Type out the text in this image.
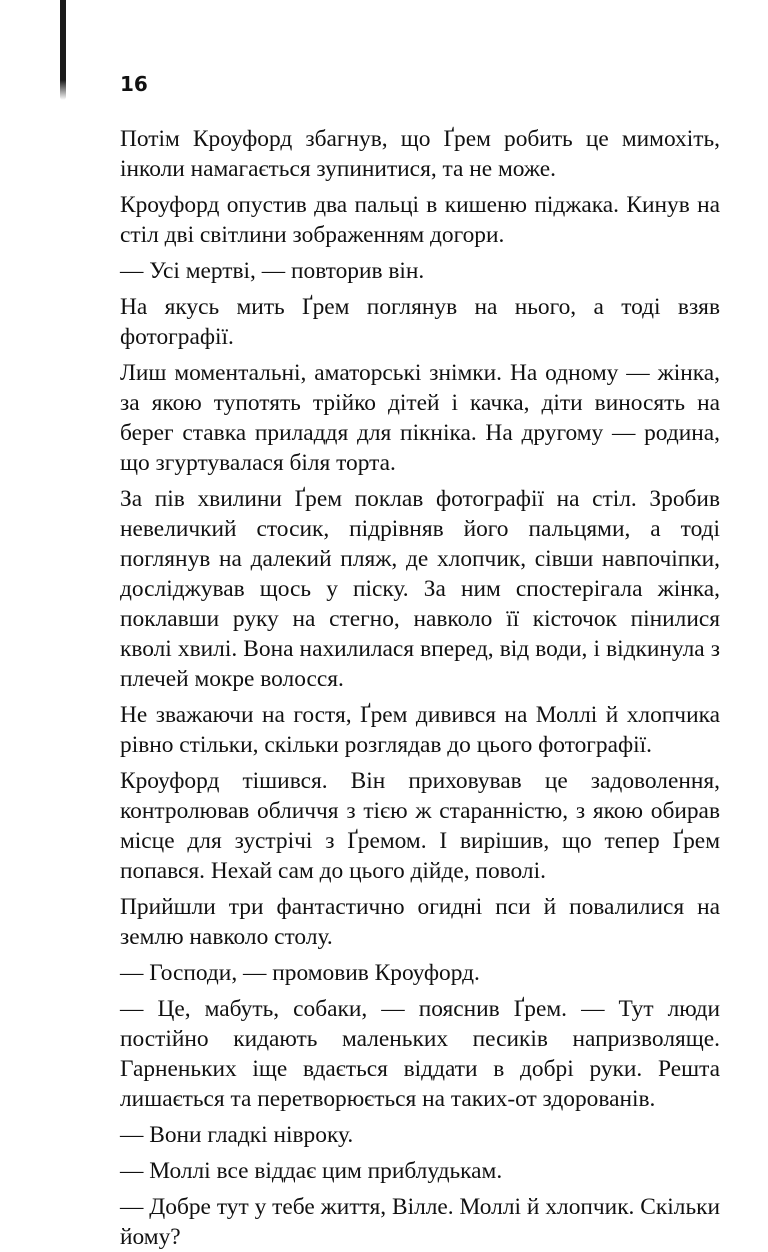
16

Потім Кроуфорд збагнув, що Ґрем робить це мимохіть, інколи намагається зупинитися, та не може.

Кроуфорд опустив два пальці в кишеню піджака. Кинув на стіл дві світлини зображенням догори.

— Усі мертві, — повторив він.

На якусь мить Ґрем поглянув на нього, а тоді взяв фотографії.

Лиш моментальні, аматорські знімки. На одному — жінка, за якою тупотять трійко дітей і качка, діти виносять на берег ставка приладдя для пікніка. На другому — родина, що згуртувалася біля торта.

За пів хвилини Ґрем поклав фотографії на стіл. Зробив невеличкий стосик, підрівняв його пальцями, а тоді поглянув на далекий пляж, де хлопчик, сівши навпочіпки, досліджував щось у піску. За ним спостерігала жінка, поклавши руку на стегно, навколо її кісточок пінилися кволі хвилі. Вона нахилилася вперед, від води, і відкинула з плечей мокре волосся.

Не зважаючи на гостя, Ґрем дивився на Моллі й хлопчика рівно стільки, скільки розглядав до цього фотографії.

Кроуфорд тішився. Він приховував це задоволення, контролював обличчя з тією ж старанністю, з якою обирав місце для зустрічі з Ґремом. І вирішив, що тепер Ґрем попався. Нехай сам до цього дійде, поволі.

Прийшли три фантастично огидні пси й повалилися на землю навколо столу.

— Господи, — промовив Кроуфорд.

— Це, мабуть, собаки, — пояснив Ґрем. — Тут люди постійно кидають маленьких песиків напризволяще. Гарненьких іще вдається віддати в добрі руки. Решта лишається та перетворюється на таких-от здорованів.

— Вони гладкі нівроку.

— Моллі все віддає цим приблудькам.

— Добре тут у тебе життя, Вілле. Моллі й хлопчик. Скільки йому?
